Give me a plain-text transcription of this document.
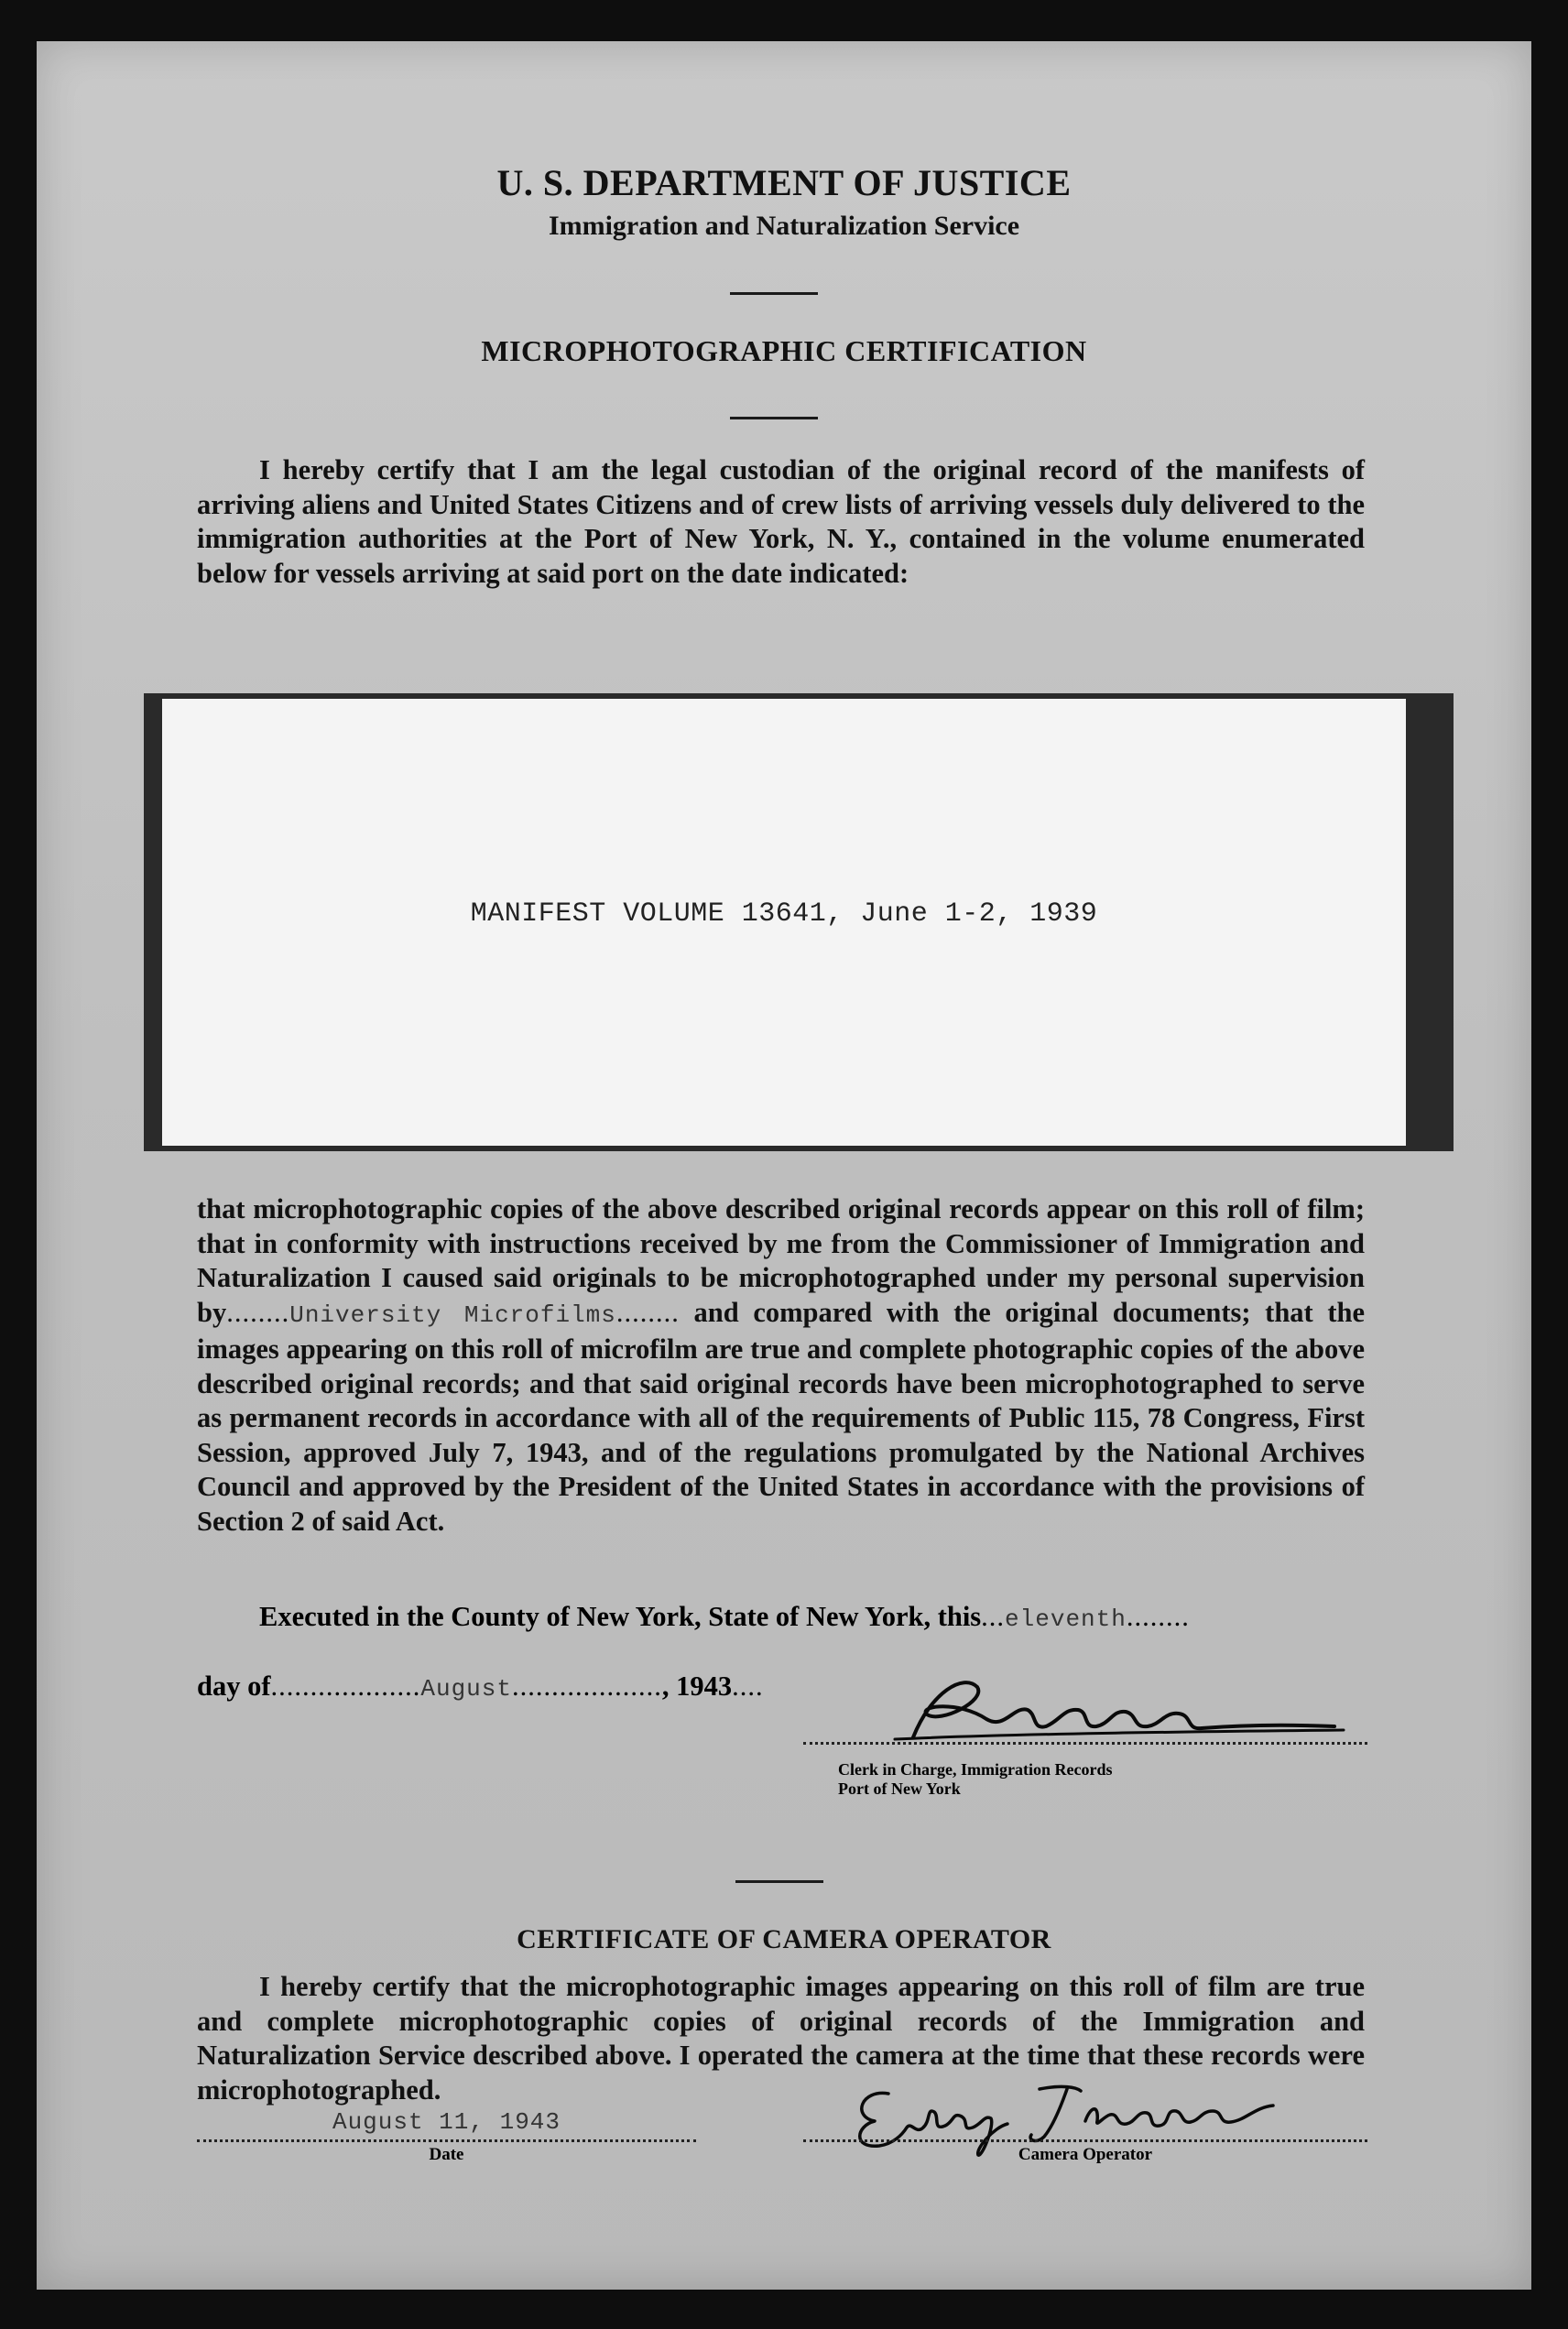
U. S. DEPARTMENT OF JUSTICE
Immigration and Naturalization Service
MICROPHOTOGRAPHIC CERTIFICATION
I hereby certify that I am the legal custodian of the original record of the manifests of arriving aliens and United States Citizens and of crew lists of arriving vessels duly delivered to the immigration authorities at the Port of New York, N. Y., contained in the volume enumerated below for vessels arriving at said port on the date indicated:
MANIFEST VOLUME 13641, June 1-2, 1939
that microphotographic copies of the above described original records appear on this roll of film; that in conformity with instructions received by me from the Commissioner of Immigration and Naturalization I caused said originals to be microphotographed under my personal supervision by........University Microfilms........ and compared with the original documents; that the images appearing on this roll of microfilm are true and complete photographic copies of the above described original records; and that said original records have been microphotographed to serve as permanent records in accordance with all of the requirements of Public 115, 78 Congress, First Session, approved July 7, 1943, and of the regulations promulgated by the National Archives Council and approved by the President of the United States in accordance with the provisions of Section 2 of said Act.
Executed in the County of New York, State of New York, this...eleventh........
day of...................August..................., 1943....
Clerk in Charge, Immigration Records
Port of New York
CERTIFICATE OF CAMERA OPERATOR
I hereby certify that the microphotographic images appearing on this roll of film are true and complete microphotographic copies of original records of the Immigration and Naturalization Service described above. I operated the camera at the time that these records were microphotographed.
August 11, 1943
Date	Camera Operator
